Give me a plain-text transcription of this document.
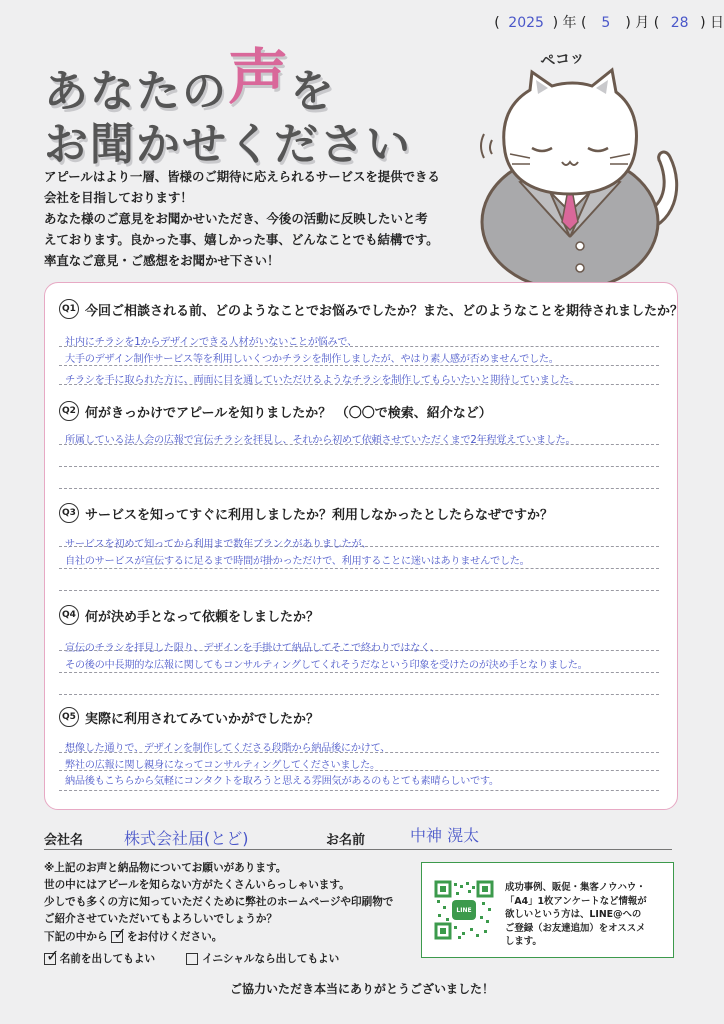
( 2025 ) 年 ( 5 ) 月 ( 28 ) 日
あなたの声を
お聞かせください
アピールはより一層、皆様のご期待に応えられるサービスを提供できる
会社を目指しております！
あなた様のご意見をお聞かせいただき、今後の活動に反映したいと考
えております。良かった事、嬉しかった事、どんなことでも結構です。
率直なご意見・ご感想をお聞かせ下さい！
ペコッ
Q1 今回ご相談される前、どのようなことでお悩みでしたか？また、どのようなことを期待されましたか？
社内にチラシを1からデザインできる人材がいないことが悩みで、
大手のデザイン制作サービス等を利用しいくつかチラシを制作しましたが、やはり素人感が否めませんでした。
チラシを手に取られた方に、両面に目を通していただけるようなチラシを制作してもらいたいと期待していました。
Q2 何がきっかけでアピールを知りましたか？ （〇〇で検索、紹介など）
所属している法人会の広報で宣伝チラシを拝見し、それから初めて依頼させていただくまで2年程覚えていました。
Q3 サービスを知ってすぐに利用しましたか？利用しなかったとしたらなぜですか？
サービスを初めて知ってから利用まで数年ブランクがありましたが、
自社のサービスが宣伝するに足るまで時間が掛かっただけで、利用することに迷いはありませんでした。
Q4 何が決め手となって依頼をしましたか？
宣伝のチラシを拝見した限り、デザインを手掛けて納品してそこで終わりではなく、
その後の中長期的な広報に関してもコンサルティングしてくれそうだなという印象を受けたのが決め手となりました。
Q5 実際に利用されてみていかがでしたか？
想像した通りで、デザインを制作してくださる段階から納品後にかけて、
弊社の広報に関し親身になってコンサルティングしてくださいました。
納品後もこちらから気軽にコンタクトを取ろうと思える雰囲気があるのもとても素晴らしいです。
会社名	株式会社届(とど)	お名前	中神 滉太
※上記のお声と納品物についてお願いがあります。
世の中にはアピールを知らない方がたくさんいらっしゃいます。
少しでも多くの方に知っていただくために弊社のホームページや印刷物で
ご紹介させていただいてもよろしいでしょうか？
下記の中から ✓ をお付けください。
✓ 名前を出してもよい	イニシャルなら出してもよい
LINE
成功事例、販促・集客ノウハウ・
「A4」1枚アンケートなど情報が
欲しいという方は、LINE@への
ご登録（お友達追加）をオススメ
します。
ご協力いただき本当にありがとうございました！
